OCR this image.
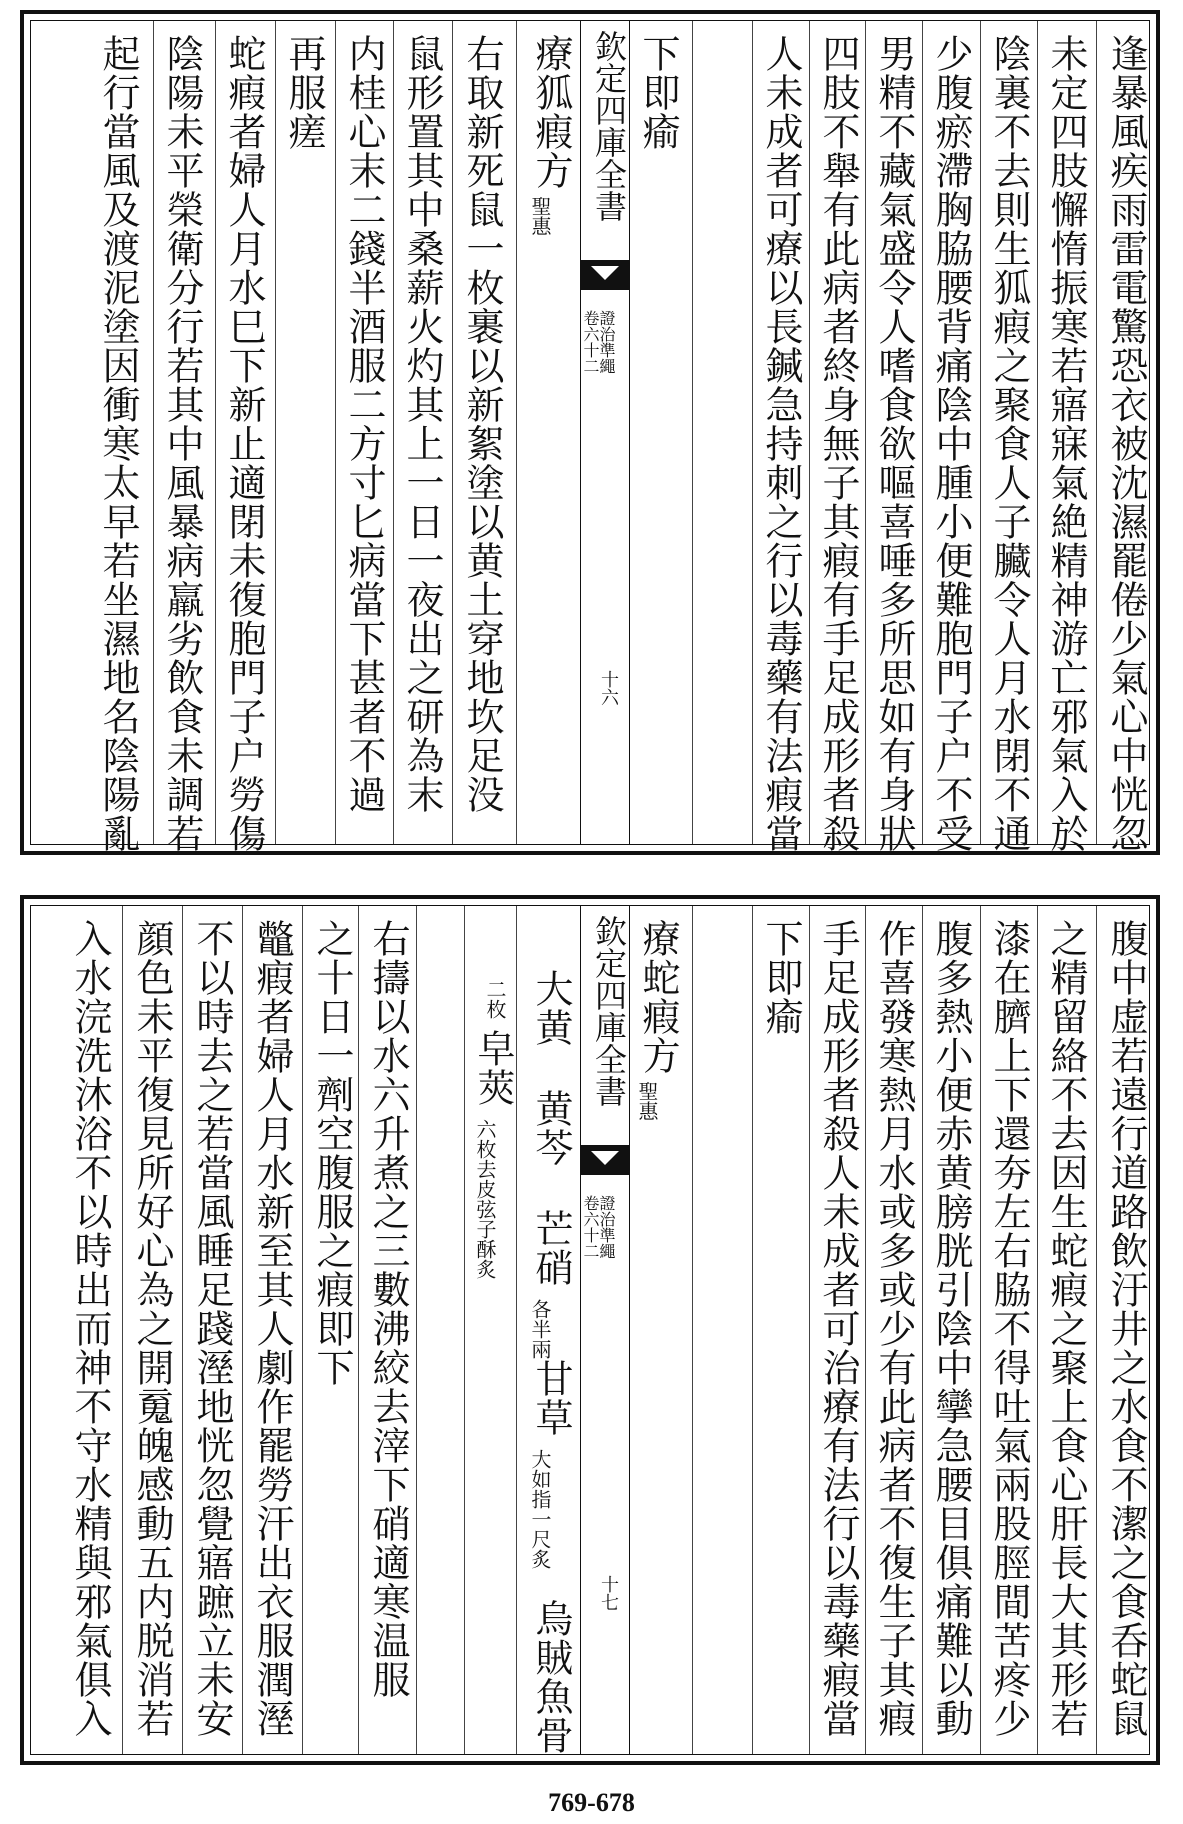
逢暴風疾雨雷電驚恐衣被沈濕罷倦少氣心中恍忽
未定四肢懈惰振寒若寤寐氣絶精神游亡邪氣入於
陰裏不去則生狐瘕之聚食人子臟令人月水閉不通
少腹瘀滯胸脇腰背痛陰中腫小便難胞門子户不受
男精不藏氣盛令人嗜食欲嘔喜唾多所思如有身狀
四肢不舉有此病者終身無子其瘕有手足成形者殺
人未成者可療以長鍼急持刺之行以毒藥有法瘕當
下即瘉
欽定四庫全書
證治準繩
卷六十二
十六
療狐瘕方
聖惠
右取新死鼠一枚裹以新絮塗以黄土穿地坎足没
鼠形置其中桑薪火灼其上一日一夜出之研為末
内桂心末二錢半酒服二方寸匕病當下甚者不過
再服瘥
蛇瘕者婦人月水巳下新止適閉未復胞門子户勞傷
陰陽未平榮衛分行若其中風暴病羸劣飲食未調若
起行當風及渡泥塗因衝寒太早若坐濕地名陰陽亂
腹中虚若遠行道路飲汙井之水食不潔之食呑蛇鼠
之精留絡不去因生蛇瘕之聚上食心肝長大其形若
漆在臍上下還夯左右脇不得吐氣兩股脛間苦疼少
腹多熱小便赤黄膀胱引陰中攣急腰目俱痛難以動
作喜發寒熱月水或多或少有此病者不復生子其瘕
手足成形者殺人未成者可治療有法行以毒藥瘕當
下即瘉
療蛇瘕方
聖惠
欽定四庫全書
證治準繩
卷六十二
十七
大黄
黄芩
芒硝
各半兩
甘草
大如指一尺炙
烏賊魚骨
二枚
皁莢
六枚去皮弦子酥炙
右擣以水六升煮之三數沸絞去滓下硝適寒温服
之十日一劑空腹服之瘕即下
鼈瘕者婦人月水新至其人劇作罷勞汗出衣服潤溼
不以時去之若當風睡足踐溼地恍忽覺寤蹠立未安
顔色未平復見所好心為之開䰟魄感動五内脱消若
入水浣洗沐浴不以時出而神不守水精與邪氣俱入
769-678
